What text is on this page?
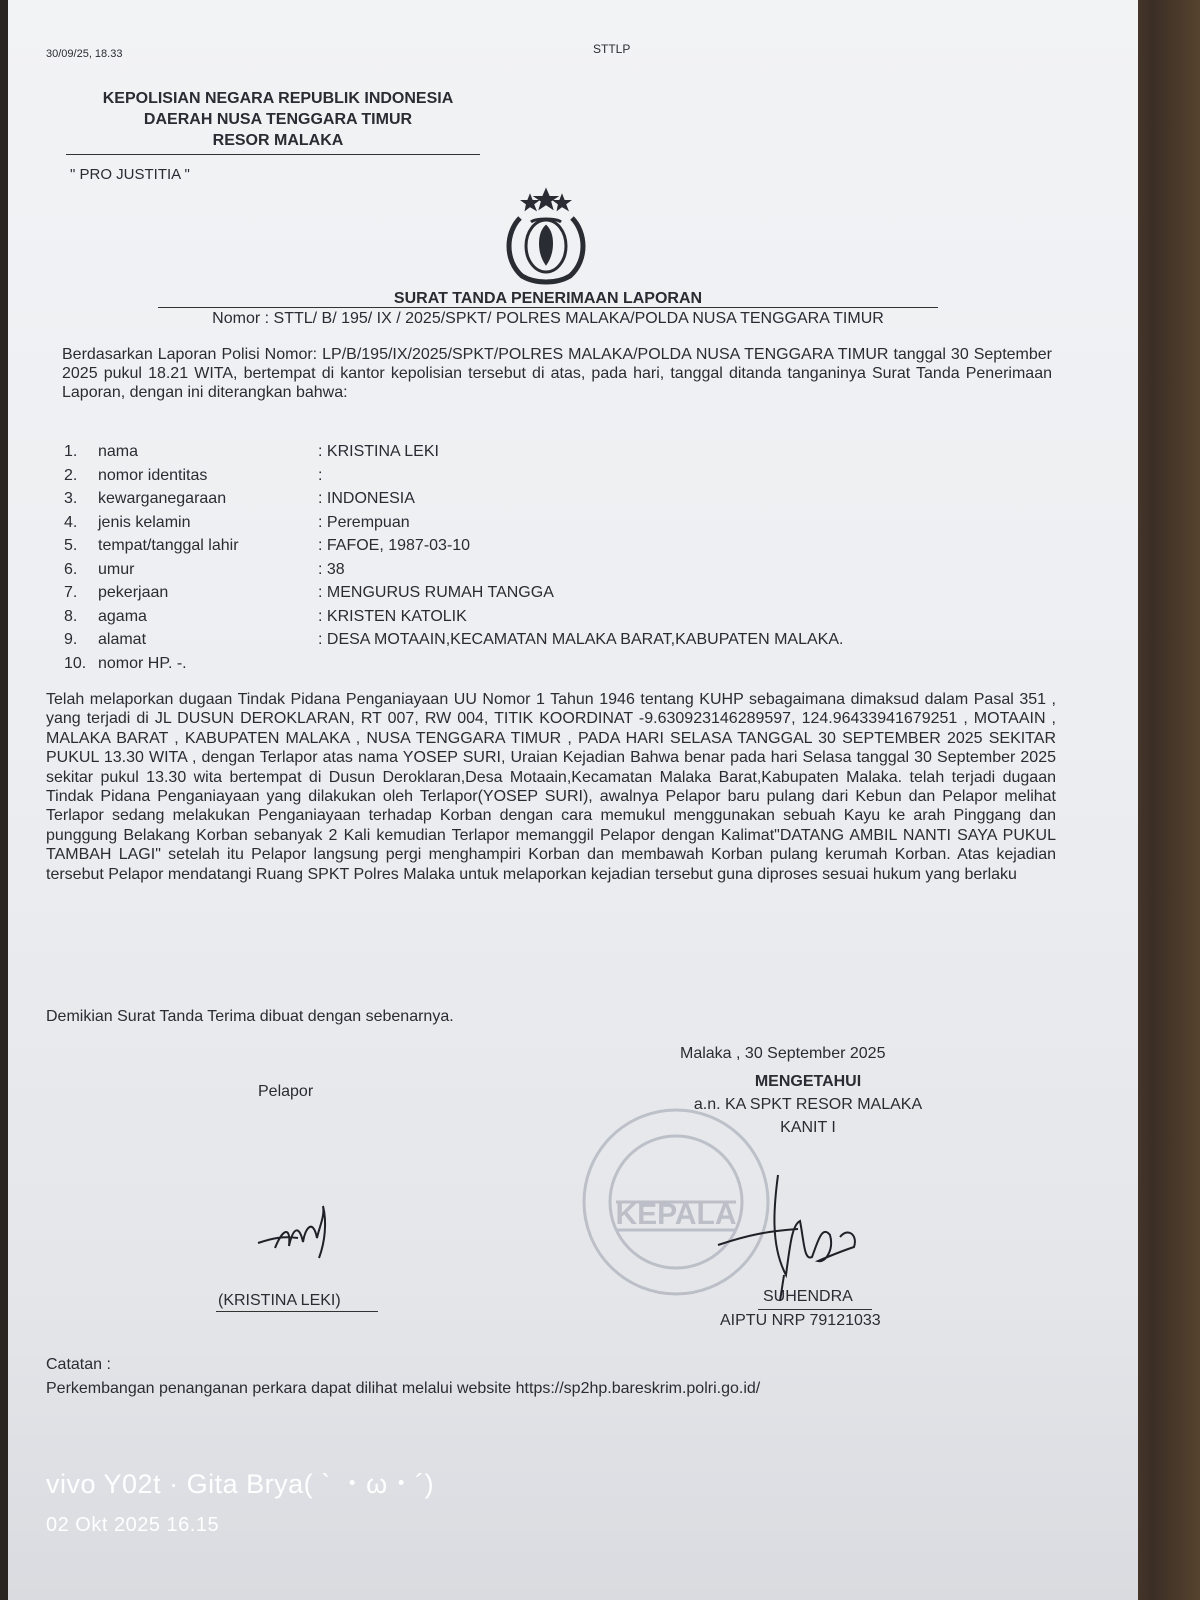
30/09/25, 18.33	STTLP
KEPOLISIAN NEGARA REPUBLIK INDONESIA
DAERAH NUSA TENGGARA TIMUR
RESOR MALAKA
" PRO JUSTITIA "
SURAT TANDA PENERIMAAN LAPORAN
Nomor : STTL/ B/ 195/ IX / 2025/SPKT/ POLRES MALAKA/POLDA NUSA TENGGARA TIMUR
Berdasarkan Laporan Polisi Nomor: LP/B/195/IX/2025/SPKT/POLRES MALAKA/POLDA NUSA TENGGARA TIMUR tanggal 30 September 2025 pukul 18.21 WITA, bertempat di kantor kepolisian tersebut di atas, pada hari, tanggal ditanda tanganinya Surat Tanda Penerimaan Laporan, dengan ini diterangkan bahwa:
1.	nama	: KRISTINA LEKI
2.	nomor identitas	:
3.	kewarganegaraan	: INDONESIA
4.	jenis kelamin	: Perempuan
5.	tempat/tanggal lahir	: FAFOE, 1987-03-10
6.	umur	: 38
7.	pekerjaan	: MENGURUS RUMAH TANGGA
8.	agama	: KRISTEN KATOLIK
9.	alamat	: DESA MOTAAIN,KECAMATAN MALAKA BARAT,KABUPATEN MALAKA.
10. nomor HP. -.
Telah melaporkan dugaan Tindak Pidana Penganiayaan UU Nomor 1 Tahun 1946 tentang KUHP sebagaimana dimaksud dalam Pasal 351 , yang terjadi di JL DUSUN DEROKLARAN, RT 007, RW 004, TITIK KOORDINAT -9.630923146289597, 124.96433941679251 , MOTAAIN , MALAKA BARAT , KABUPATEN MALAKA , NUSA TENGGARA TIMUR , PADA HARI SELASA TANGGAL 30 SEPTEMBER 2025 SEKITAR PUKUL 13.30 WITA , dengan Terlapor atas nama YOSEP SURI, Uraian Kejadian Bahwa benar pada hari Selasa tanggal 30 September 2025 sekitar pukul 13.30 wita bertempat di Dusun Deroklaran,Desa Motaain,Kecamatan Malaka Barat,Kabupaten Malaka. telah terjadi dugaan Tindak Pidana Penganiayaan yang dilakukan oleh Terlapor(YOSEP SURI), awalnya Pelapor baru pulang dari Kebun dan Pelapor melihat Terlapor sedang melakukan Penganiayaan terhadap Korban dengan cara memukul menggunakan sebuah Kayu ke arah Pinggang dan punggung Belakang Korban sebanyak 2 Kali kemudian Terlapor memanggil Pelapor dengan Kalimat"DATANG AMBIL NANTI SAYA PUKUL TAMBAH LAGI" setelah itu Pelapor langsung pergi menghampiri Korban dan membawah Korban pulang kerumah Korban. Atas kejadian tersebut Pelapor mendatangi Ruang SPKT Polres Malaka untuk melaporkan kejadian tersebut guna diproses sesuai hukum yang berlaku
Demikian Surat Tanda Terima dibuat dengan sebenarnya.
Malaka , 30 September 2025
MENGETAHUI
a.n. KA SPKT RESOR MALAKA
KANIT I
Pelapor
KEPALA
(KRISTINA LEKI)	SUHENDRA
AIPTU NRP 79121033
Catatan :
Perkembangan penanganan perkara dapat dilihat melalui website https://sp2hp.bareskrim.polri.go.id/
vivo Y02t · Gita Brya( ` ・ω・´)
02 Okt 2025 16.15
